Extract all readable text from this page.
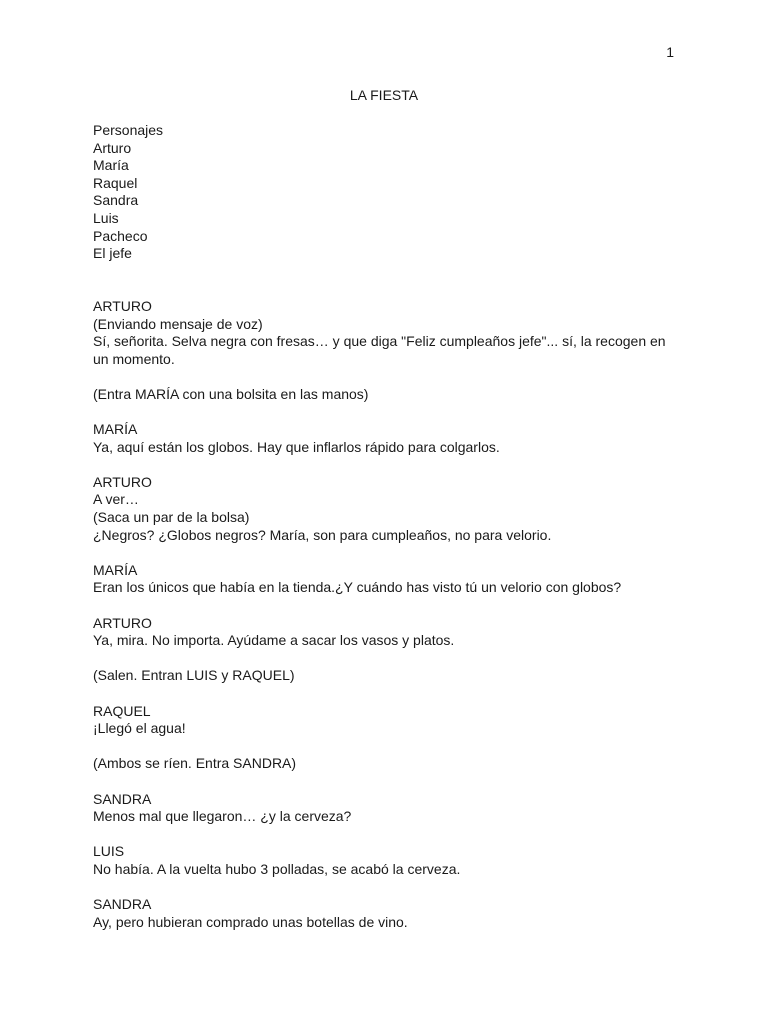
1
LA FIESTA
Personajes
Arturo
María
Raquel
Sandra
Luis
Pacheco
El jefe
ARTURO
(Enviando mensaje de voz)
Sí, señorita. Selva negra con fresas… y que diga "Feliz cumpleaños jefe"... sí, la recogen en un momento.
(Entra MARÍA con una bolsita en las manos)
MARÍA
Ya, aquí están los globos. Hay que inflarlos rápido para colgarlos.
ARTURO
A ver…
(Saca un par de la bolsa)
¿Negros? ¿Globos negros? María, son para cumpleaños, no para velorio.
MARÍA
Eran los únicos que había en la tienda.¿Y cuándo has visto tú un velorio con globos?
ARTURO
Ya, mira. No importa. Ayúdame a sacar los vasos y platos.
(Salen. Entran LUIS y RAQUEL)
RAQUEL
¡Llegó el agua!
(Ambos se ríen. Entra SANDRA)
SANDRA
Menos mal que llegaron… ¿y la cerveza?
LUIS
No había. A la vuelta hubo 3 polladas, se acabó la cerveza.
SANDRA
Ay, pero hubieran comprado unas botellas de vino.
